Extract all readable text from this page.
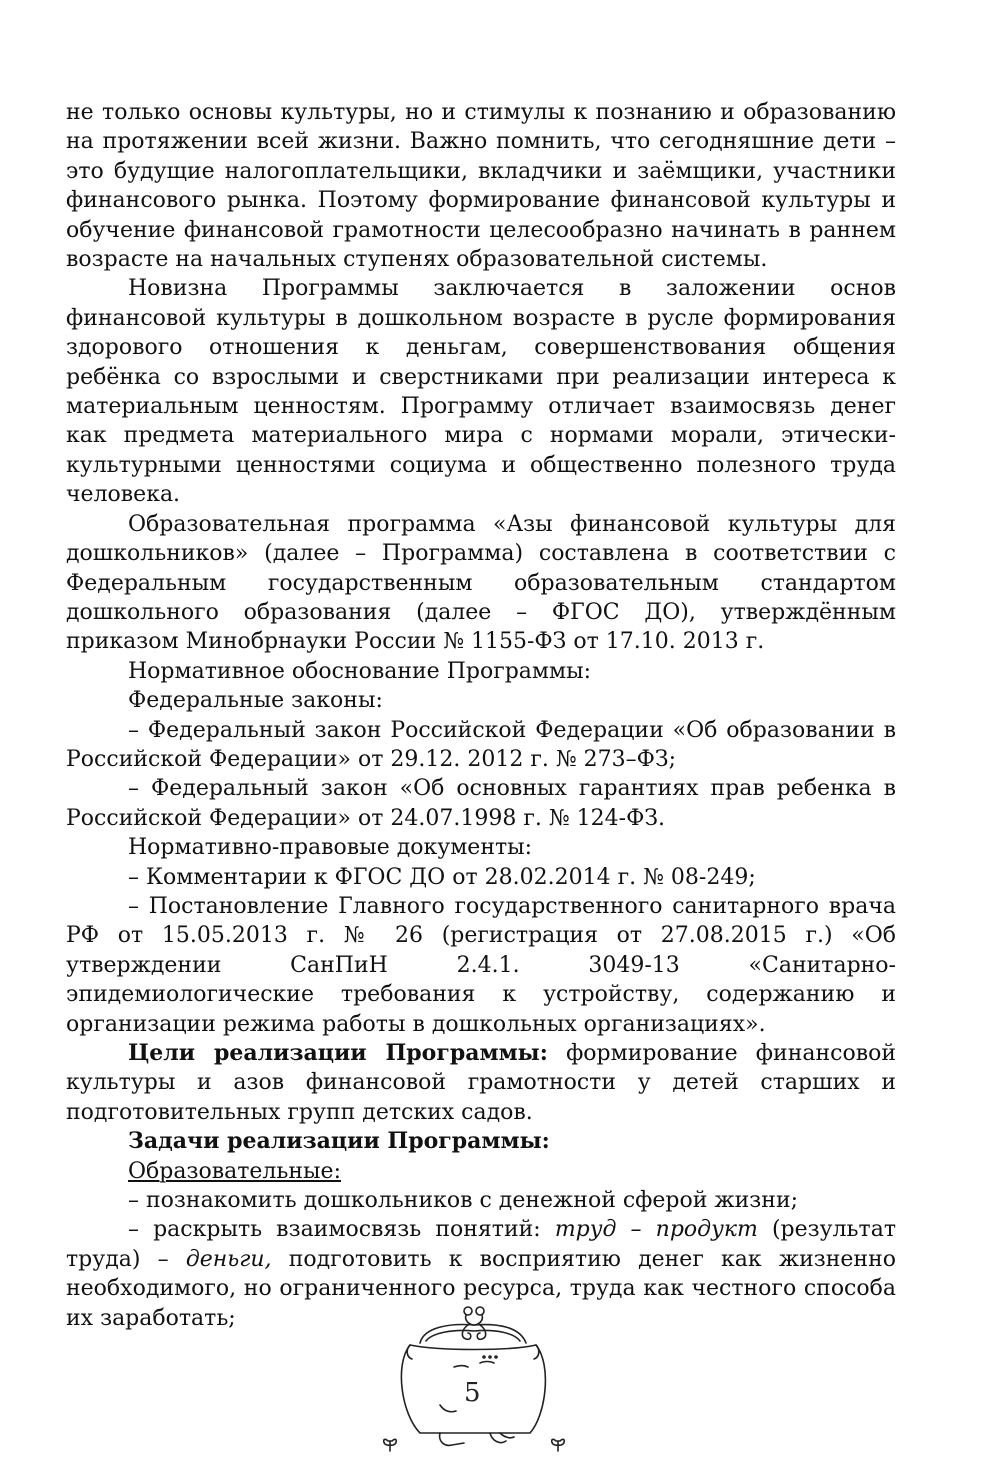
не только основы культуры, но и стимулы к познанию и образованию на протяжении всей жизни. Важно помнить, что сегодняшние дети – это будущие налогоплательщики, вкладчики и заёмщики, участники финансового рынка. Поэтому формирование финансовой культуры и обучение финансовой грамотности целесообразно начинать в раннем возрасте на начальных ступенях образовательной системы.

Новизна Программы заключается в заложении основ финансовой культуры в дошкольном возрасте в русле формирования здорового отношения к деньгам, совершенствования общения ребёнка со взрослыми и сверстниками при реализации интереса к материальным ценностям. Программу отличает взаимосвязь денег как предмета материального мира с нормами морали, этически-культурными ценностями социума и общественно полезного труда человека.

Образовательная программа «Азы финансовой культуры для дошкольников» (далее – Программа) составлена в соответствии с Федеральным государственным образовательным стандартом дошкольного образования (далее – ФГОС ДО), утверждённым приказом Минобрнауки России № 1155-ФЗ от 17.10. 2013 г.

Нормативное обоснование Программы:

Федеральные законы:

– Федеральный закон Российской Федерации «Об образовании в Российской Федерации» от 29.12. 2012 г. № 273–ФЗ;

– Федеральный закон «Об основных гарантиях прав ребенка в Российской Федерации» от 24.07.1998 г. № 124-ФЗ.

Нормативно-правовые документы:

– Комментарии к ФГОС ДО от 28.02.2014 г. № 08-249;

– Постановление Главного государственного санитарного врача РФ от 15.05.2013 г. № 26 (регистрация от 27.08.2015 г.) «Об утверждении СанПиН 2.4.1. 3049-13 «Санитарно-эпидемиологические требования к устройству, содержанию и организации режима работы в дошкольных организациях».

Цели реализации Программы: формирование финансовой культуры и азов финансовой грамотности у детей старших и подготовительных групп детских садов.

Задачи реализации Программы:

Образовательные:

– познакомить дошкольников с денежной сферой жизни;

– раскрыть взаимосвязь понятий: труд – продукт (результат труда) – деньги, подготовить к восприятию денег как жизненно необходимого, но ограниченного ресурса, труда как честного способа их заработать;

5
